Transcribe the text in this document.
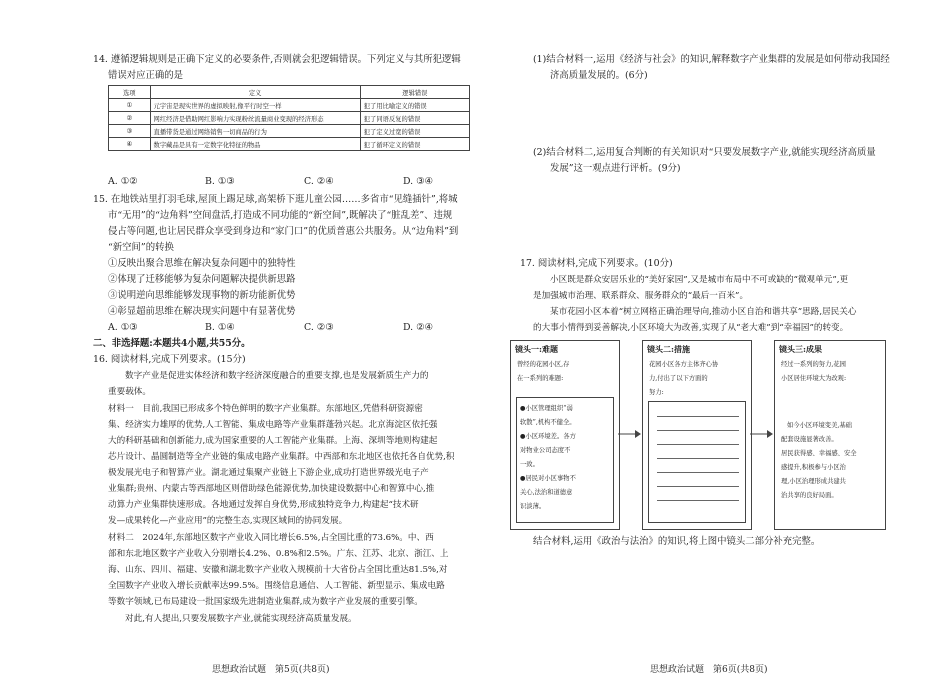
14. 遵循逻辑规则是正确下定义的必要条件,否则就会犯逻辑错误。下列定义与其所犯逻辑
错误对应正确的是
选项	定义	逻辑错误
①	元宇宙是现实世界的虚拟映射,像平行时空一样	犯了用比喻定义的错误
②	网红经济是借助网红影响力实现粉丝流量商业变现的经济形态	犯了同语反复的错误
③	直播带货是通过网络销售一切商品的行为	犯了定义过宽的错误
④	数字藏品是具有一定数字化特征的物品	犯了循环定义的错误
A. ①②	B. ①③	C. ②④	D. ③④
15. 在地铁站里打羽毛球,屋顶上踢足球,高架桥下逛儿童公园……多省市“见缝插针”,将城
市“无用”的“边角料”空间盘活,打造成不同功能的“新空间”,既解决了“脏乱差”、违规
侵占等问题,也让居民群众享受到身边和“家门口”的优质普惠公共服务。从“边角料”到
“新空间”的转换
①反映出聚合思维在解决复杂问题中的独特性
②体现了迁移能够为复杂问题解决提供新思路
③说明逆向思维能够发现事物的新功能新优势
④彰显超前思维在解决现实问题中有显著优势
A. ①③	B. ①④	C. ②③	D. ②④
二、非选择题:本题共4小题,共55分。
16. 阅读材料,完成下列要求。(15分)
数字产业是促进实体经济和数字经济深度融合的重要支撑,也是发展新质生产力的
重要载体。
材料一　目前,我国已形成多个特色鲜明的数字产业集群。东部地区,凭借科研资源密
集、经济实力雄厚的优势,人工智能、集成电路等产业集群蓬勃兴起。北京海淀区依托强
大的科研基础和创新能力,成为国家重要的人工智能产业集群。上海、深圳等地则构建起
芯片设计、晶圆制造等全产业链的集成电路产业集群。中西部和东北地区也依托各自优势,积
极发展光电子和智算产业。湖北通过集聚产业链上下游企业,成功打造世界级光电子产
业集群;贵州、内蒙古等西部地区则借助绿色能源优势,加快建设数据中心和智算中心,推
动算力产业集群快速形成。各地通过发挥自身优势,形成独特竞争力,构建起“技术研
发—成果转化—产业应用”的完整生态,实现区域间的协同发展。
材料二　2024年,东部地区数字产业收入同比增长6.5%,占全国比重的73.6%。中、西
部和东北地区数字产业收入分别增长4.2%、0.8%和2.5%。广东、江苏、北京、浙江、上
海、山东、四川、福建、安徽和湖北数字产业收入规模前十大省份占全国比重达81.5%,对
全国数字产业收入增长贡献率达99.5%。围绕信息通信、人工智能、新型显示、集成电路
等数字领域,已布局建设一批国家级先进制造业集群,成为数字产业发展的重要引擎。
对此,有人提出,只要发展数字产业,就能实现经济高质量发展。
思想政治试题　第5页(共8页)
(1)结合材料一,运用《经济与社会》的知识,解释数字产业集群的发展是如何带动我国经
济高质量发展的。(6分)
(2)结合材料二,运用复合判断的有关知识对“只要发展数字产业,就能实现经济高质量
发展”这一观点进行评析。(9分)
17. 阅读材料,完成下列要求。(10分)
小区既是群众安居乐业的“美好家园”,又是城市布局中不可或缺的“微观单元”,更
是加强城市治理、联系群众、服务群众的“最后一百米”。
某市花园小区本着“树立网格正确治理导向,推动小区自治和谐共享”思路,居民关心
的大事小情得到妥善解决,小区环境大为改善,实现了从“老大难”到“幸福园”的转变。
镜头一:难题
曾经的花园小区,存
在一系列的难题:
●小区管理组织“弱
软散”,机构不健全。
●小区环境差。各方
对物业公司态度不
一致。
●居民对小区事物不
关心,法治和道德意
识淡薄。
镜头二:措施
花园小区各方主体齐心协
力,付出了以下方面的
努力:
镜头三:成果
经过一系列的努力,花园
小区居住环境大为改观:
如今小区环境变美,基础
配套设施显著改善。
居民获得感、幸福感、安全
感提升,积极参与小区治
理,小区治理形成共建共
治共享的良好局面。
结合材料,运用《政治与法治》的知识,将上图中镜头二部分补充完整。
思想政治试题　第6页(共8页)
